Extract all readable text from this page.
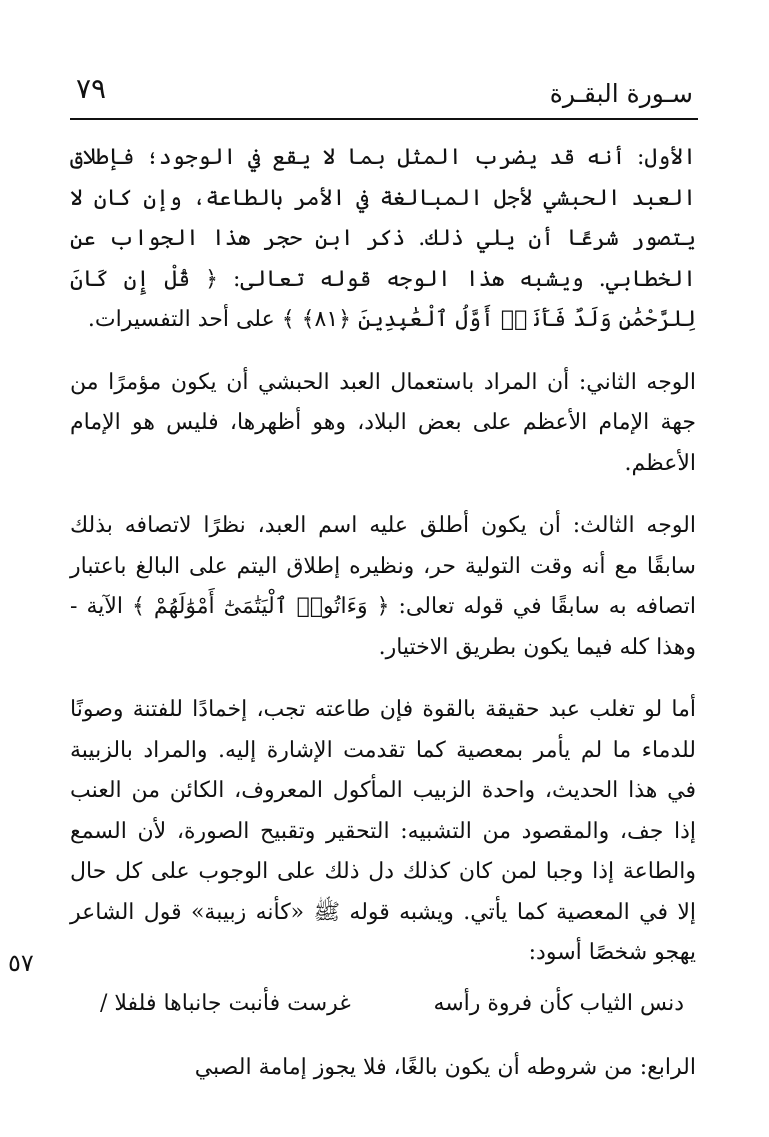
٧٩	سـورة البقـرة
٥٧

الأول: أنه قد يضرب المثل بما لا يقع في الوجود؛ فإطلاق العبد الحبشي لأجل المبالغة في الأمر بالطاعة، وإن كان لا يتصور شرعًا أن يلي ذلك. ذكر ابن حجر هذا الجواب عن الخطابي. ويشبه هذا الوجه قوله تعالى: ﴿ قُلْ إِن كَانَ لِلرَّحْمَٰنِ وَلَدٌ فَأَنَا۠ أَوَّلُ ٱلْعَٰبِدِينَ ﴿٨١﴾ ﴾ على أحد التفسيرات.

الوجه الثاني: أن المراد باستعمال العبد الحبشي أن يكون مؤمرًا من جهة الإمام الأعظم على بعض البلاد، وهو أظهرها، فليس هو الإمام الأعظم.

الوجه الثالث: أن يكون أطلق عليه اسم العبد، نظرًا لاتصافه بذلك سابقًا مع أنه وقت التولية حر، ونظيره إطلاق اليتم على البالغ باعتبار اتصافه به سابقًا في قوله تعالى: ﴿ وَءَاتُوا۟ ٱلْيَتَٰمَىٰٓ أَمْوَٰلَهُمْ ﴾ الآية - وهذا كله فيما يكون بطريق الاختيار.

أما لو تغلب عبد حقيقة بالقوة فإن طاعته تجب، إخمادًا للفتنة وصونًا للدماء ما لم يأمر بمعصية كما تقدمت الإشارة إليه. والمراد بالزبيبة في هذا الحديث، واحدة الزبيب المأكول المعروف، الكائن من العنب إذا جف، والمقصود من التشبيه: التحقير وتقبيح الصورة، لأن السمع والطاعة إذا وجبا لمن كان كذلك دل ذلك على الوجوب على كل حال إلا في المعصية كما يأتي. ويشبه قوله ﷺ «كأنه زبيبة» قول الشاعر يهجو شخصًا أسود:

دنس الثياب كأن فروة رأسه
غرست فأنبت جانباها فلفلا /

الرابع: من شروطه أن يكون بالغًا، فلا يجوز إمامة الصبي
